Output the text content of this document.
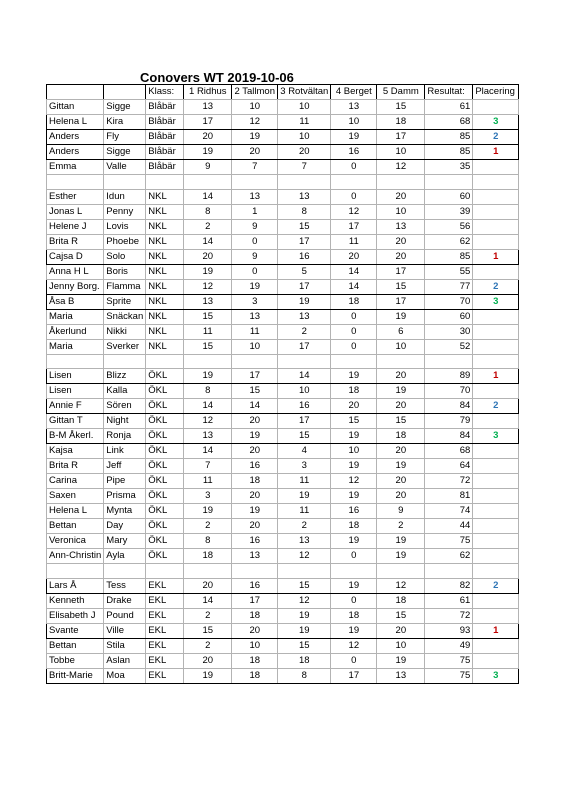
Conovers WT 2019-10-06
		Klass:	1 Ridhus	2 Tallmon	3 Rotvältan	4 Berget	5 Damm	Resultat:	Placering
Gittan	Sigge	Blåbär	13	10	10	13	15	61	
Helena L	Kira	Blåbär	17	12	11	10	18	68	3
Anders	Fly	Blåbär	20	19	10	19	17	85	2
Anders	Sigge	Blåbär	19	20	20	16	10	85	1
Emma	Valle	Blåbär	9	7	7	0	12	35	

Esther	Idun	NKL	14	13	13	0	20	60	
Jonas L	Penny	NKL	8	1	8	12	10	39	
Helene J	Lovis	NKL	2	9	15	17	13	56	
Brita R	Phoebe	NKL	14	0	17	11	20	62	
Cajsa D	Solo	NKL	20	9	16	20	20	85	1
Anna H L	Boris	NKL	19	0	5	14	17	55	
Jenny Borg.	Flamma	NKL	12	19	17	14	15	77	2
Åsa B	Sprite	NKL	13	3	19	18	17	70	3
Maria	Snäckan	NKL	15	13	13	0	19	60	
Åkerlund	Nikki	NKL	11	11	2	0	6	30	
Maria	Sverker	NKL	15	10	17	0	10	52	

Lisen	Blizz	ÖKL	19	17	14	19	20	89	1
Lisen	Kalla	ÖKL	8	15	10	18	19	70	
Annie F	Sören	ÖKL	14	14	16	20	20	84	2
Gittan T	Night	ÖKL	12	20	17	15	15	79	
B-M Åkerl.	Ronja	ÖKL	13	19	15	19	18	84	3
Kajsa	Link	ÖKL	14	20	4	10	20	68	
Brita R	Jeff	ÖKL	7	16	3	19	19	64	
Carina	Pipe	ÖKL	11	18	11	12	20	72	
Saxen	Prisma	ÖKL	3	20	19	19	20	81	
Helena L	Mynta	ÖKL	19	19	11	16	9	74	
Bettan	Day	ÖKL	2	20	2	18	2	44	
Veronica	Mary	ÖKL	8	16	13	19	19	75	
Ann-Christin	Ayla	ÖKL	18	13	12	0	19	62	

Lars Å	Tess	EKL	20	16	15	19	12	82	2
Kenneth	Drake	EKL	14	17	12	0	18	61	
Elisabeth J	Pound	EKL	2	18	19	18	15	72	
Svante	Ville	EKL	15	20	19	19	20	93	1
Bettan	Stila	EKL	2	10	15	12	10	49	
Tobbe	Aslan	EKL	20	18	18	0	19	75	
Britt-Marie	Moa	EKL	19	18	8	17	13	75	3
